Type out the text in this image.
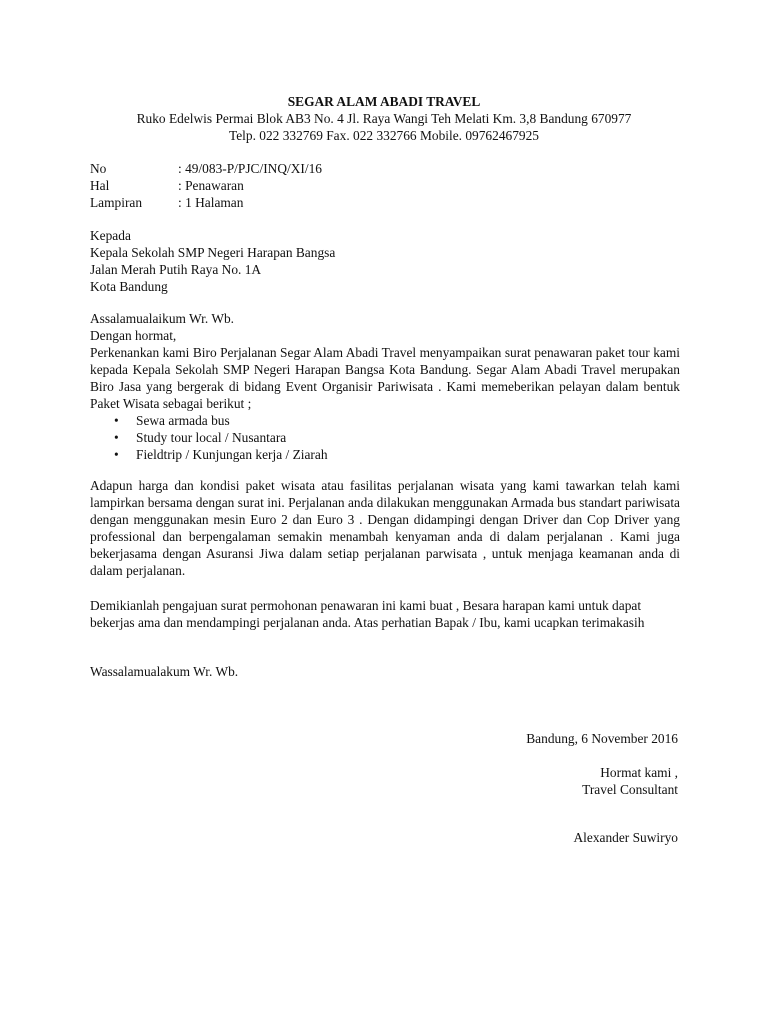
SEGAR ALAM ABADI TRAVEL
Ruko Edelwis Permai Blok AB3 No. 4 Jl. Raya Wangi Teh Melati Km. 3,8 Bandung 670977
Telp. 022 332769 Fax. 022 332766 Mobile. 09762467925
No	: 49/083-P/PJC/INQ/XI/16
Hal	: Penawaran
Lampiran	: 1 Halaman
Kepada
Kepala Sekolah SMP Negeri Harapan Bangsa
Jalan Merah Putih Raya No. 1A
Kota Bandung
Assalamualaikum Wr. Wb.
Dengan hormat,
Perkenankan kami Biro Perjalanan Segar Alam Abadi Travel menyampaikan surat penawaran paket tour kami kepada Kepala Sekolah SMP Negeri Harapan Bangsa Kota Bandung. Segar Alam Abadi Travel merupakan Biro Jasa yang bergerak di bidang Event Organisir Pariwisata . Kami memeberikan pelayan dalam bentuk Paket Wisata sebagai berikut ;
• Sewa armada bus
• Study tour local / Nusantara
• Fieldtrip / Kunjungan kerja / Ziarah
Adapun harga dan kondisi paket wisata atau fasilitas perjalanan wisata yang kami tawarkan telah kami lampirkan bersama dengan surat ini. Perjalanan anda dilakukan menggunakan Armada bus standart pariwisata dengan menggunakan mesin Euro 2 dan Euro 3 . Dengan didampingi dengan Driver dan Cop Driver yang professional dan berpengalaman semakin menambah kenyaman anda di dalam perjalanan . Kami juga bekerjasama dengan Asuransi Jiwa dalam setiap perjalanan parwisata , untuk menjaga keamanan anda di dalam perjalanan.
Demikianlah pengajuan surat permohonan penawaran ini kami buat , Besara harapan kami untuk dapat bekerjas ama dan mendampingi perjalanan anda. Atas perhatian Bapak / Ibu, kami ucapkan terimakasih
Wassalamualakum Wr. Wb.
Bandung, 6 November 2016
Hormat kami ,
Travel Consultant
Alexander Suwiryo
